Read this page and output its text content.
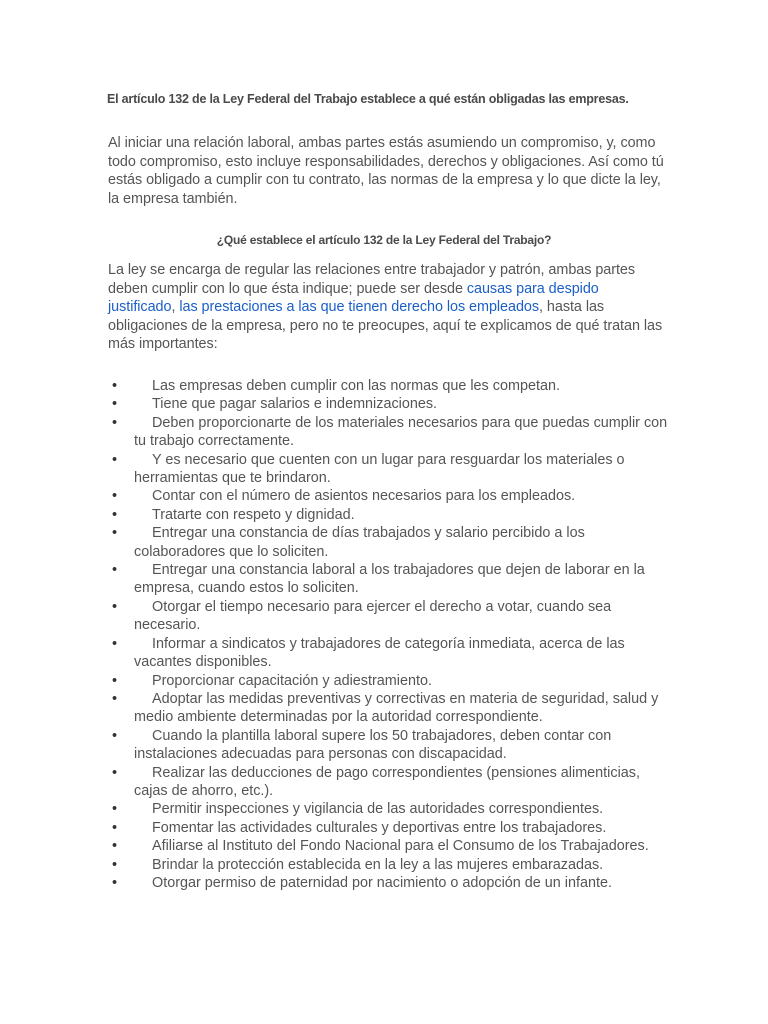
El artículo 132 de la Ley Federal del Trabajo establece a qué están obligadas las empresas.

Al iniciar una relación laboral, ambas partes estás asumiendo un compromiso, y, como todo compromiso, esto incluye responsabilidades, derechos y obligaciones. Así como tú estás obligado a cumplir con tu contrato, las normas de la empresa y lo que dicte la ley, la empresa también.

¿Qué establece el artículo 132 de la Ley Federal del Trabajo?

La ley se encarga de regular las relaciones entre trabajador y patrón, ambas partes deben cumplir con lo que ésta indique; puede ser desde causas para despido justificado, las prestaciones a las que tienen derecho los empleados, hasta las obligaciones de la empresa, pero no te preocupes, aquí te explicamos de qué tratan las más importantes:

• Las empresas deben cumplir con las normas que les competan.
• Tiene que pagar salarios e indemnizaciones.
• Deben proporcionarte de los materiales necesarios para que puedas cumplir con tu trabajo correctamente.
• Y es necesario que cuenten con un lugar para resguardar los materiales o herramientas que te brindaron.
• Contar con el número de asientos necesarios para los empleados.
• Tratarte con respeto y dignidad.
• Entregar una constancia de días trabajados y salario percibido a los colaboradores que lo soliciten.
• Entregar una constancia laboral a los trabajadores que dejen de laborar en la empresa, cuando estos lo soliciten.
• Otorgar el tiempo necesario para ejercer el derecho a votar, cuando sea necesario.
• Informar a sindicatos y trabajadores de categoría inmediata, acerca de las vacantes disponibles.
• Proporcionar capacitación y adiestramiento.
• Adoptar las medidas preventivas y correctivas en materia de seguridad, salud y medio ambiente determinadas por la autoridad correspondiente.
• Cuando la plantilla laboral supere los 50 trabajadores, deben contar con instalaciones adecuadas para personas con discapacidad.
• Realizar las deducciones de pago correspondientes (pensiones alimenticias, cajas de ahorro, etc.).
• Permitir inspecciones y vigilancia de las autoridades correspondientes.
• Fomentar las actividades culturales y deportivas entre los trabajadores.
• Afiliarse al Instituto del Fondo Nacional para el Consumo de los Trabajadores.
• Brindar la protección establecida en la ley a las mujeres embarazadas.
• Otorgar permiso de paternidad por nacimiento o adopción de un infante.
